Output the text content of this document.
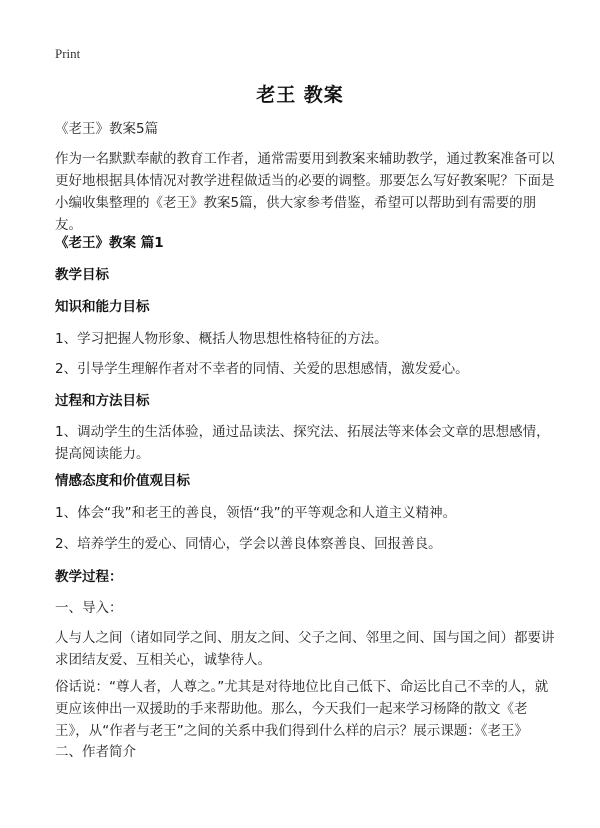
Print
老王 教案
《老王》教案5篇
作为一名默默奉献的教育工作者，通常需要用到教案来辅助教学，通过教案准备可以更好地根据具体情况对教学进程做适当的必要的调整。那要怎么写好教案呢？下面是小编收集整理的《老王》教案5篇，供大家参考借鉴，希望可以帮助到有需要的朋友。
《老王》教案 篇1
教学目标
知识和能力目标
1、学习把握人物形象、概括人物思想性格特征的方法。
2、引导学生理解作者对不幸者的同情、关爱的思想感情，激发爱心。
过程和方法目标
1、调动学生的生活体验，通过品读法、探究法、拓展法等来体会文章的思想感情，提高阅读能力。
情感态度和价值观目标
1、体会“我”和老王的善良，领悟“我”的平等观念和人道主义精神。
2、培养学生的爱心、同情心，学会以善良体察善良、回报善良。
教学过程：
一、导入：
人与人之间（诸如同学之间、朋友之间、父子之间、邻里之间、国与国之间）都要讲求团结友爱、互相关心，诚挚待人。
俗话说：“尊人者，人尊之。”尤其是对待地位比自己低下、命运比自己不幸的人，就更应该伸出一双援助的手来帮助他。那么，今天我们一起来学习杨降的散文《老王》，从“作者与老王”之间的关系中我们得到什么样的启示？展示课题：《老王》
二、作者简介
